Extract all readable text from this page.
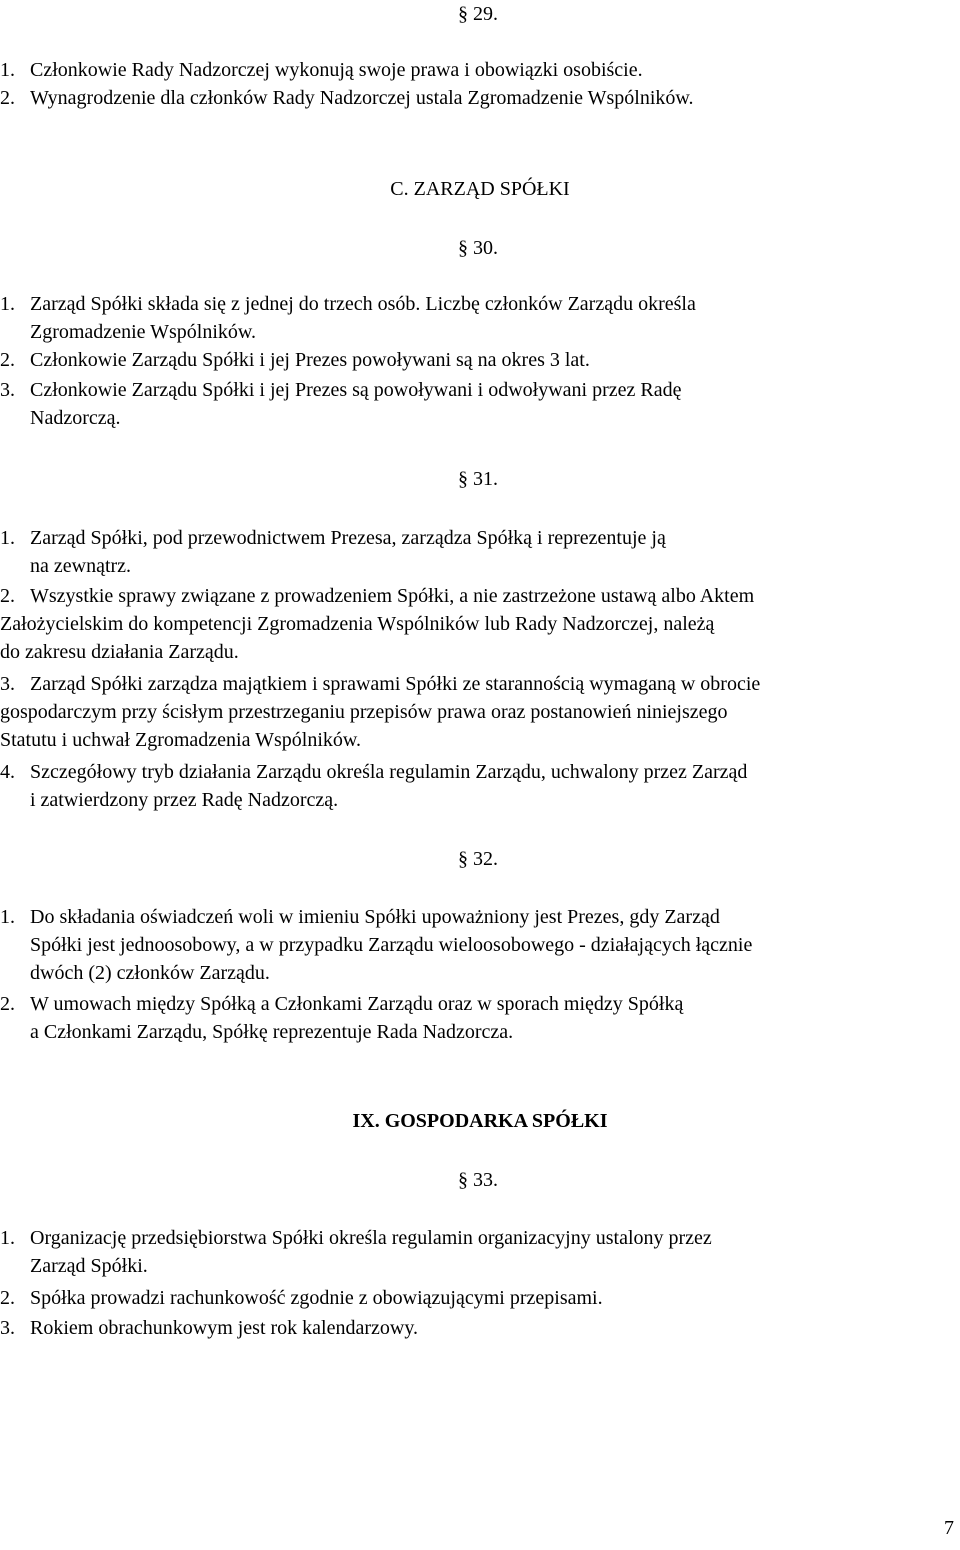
§ 29.
1. Członkowie Rady Nadzorczej wykonują swoje prawa i obowiązki osobiście.
2. Wynagrodzenie dla członków Rady Nadzorczej ustala Zgromadzenie Wspólników.
C. ZARZĄD SPÓŁKI
§ 30.
1. Zarząd Spółki składa się z jednej do trzech osób. Liczbę członków Zarządu określa
Zgromadzenie Wspólników.
2. Członkowie Zarządu Spółki i jej Prezes powoływani są na okres 3 lat.
3. Członkowie Zarządu Spółki i jej Prezes są powoływani i odwoływani przez Radę
Nadzorczą.
§ 31.
1. Zarząd Spółki, pod przewodnictwem Prezesa, zarządza Spółką i reprezentuje ją
na zewnątrz.
2. Wszystkie sprawy związane z prowadzeniem Spółki, a nie zastrzeżone ustawą albo Aktem
Założycielskim do kompetencji Zgromadzenia Wspólników lub Rady Nadzorczej, należą
do zakresu działania Zarządu.
3. Zarząd Spółki zarządza majątkiem i sprawami Spółki ze starannością wymaganą w obrocie
gospodarczym przy ścisłym przestrzeganiu przepisów prawa oraz postanowień niniejszego
Statutu i uchwał Zgromadzenia Wspólników.
4. Szczegółowy tryb działania Zarządu określa regulamin Zarządu, uchwalony przez Zarząd
i zatwierdzony przez Radę Nadzorczą.
§ 32.
1. Do składania oświadczeń woli w imieniu Spółki upoważniony jest Prezes, gdy Zarząd
Spółki jest jednoosobowy, a w przypadku Zarządu wieloosobowego - działających łącznie
dwóch (2) członków Zarządu.
2. W umowach między Spółką a Członkami Zarządu oraz w sporach między Spółką
a Członkami Zarządu, Spółkę reprezentuje Rada Nadzorcza.
IX. GOSPODARKA SPÓŁKI
§ 33.
1. Organizację przedsiębiorstwa Spółki określa regulamin organizacyjny ustalony przez
Zarząd Spółki.
2. Spółka prowadzi rachunkowość zgodnie z obowiązującymi przepisami.
3. Rokiem obrachunkowym jest rok kalendarzowy.
7
